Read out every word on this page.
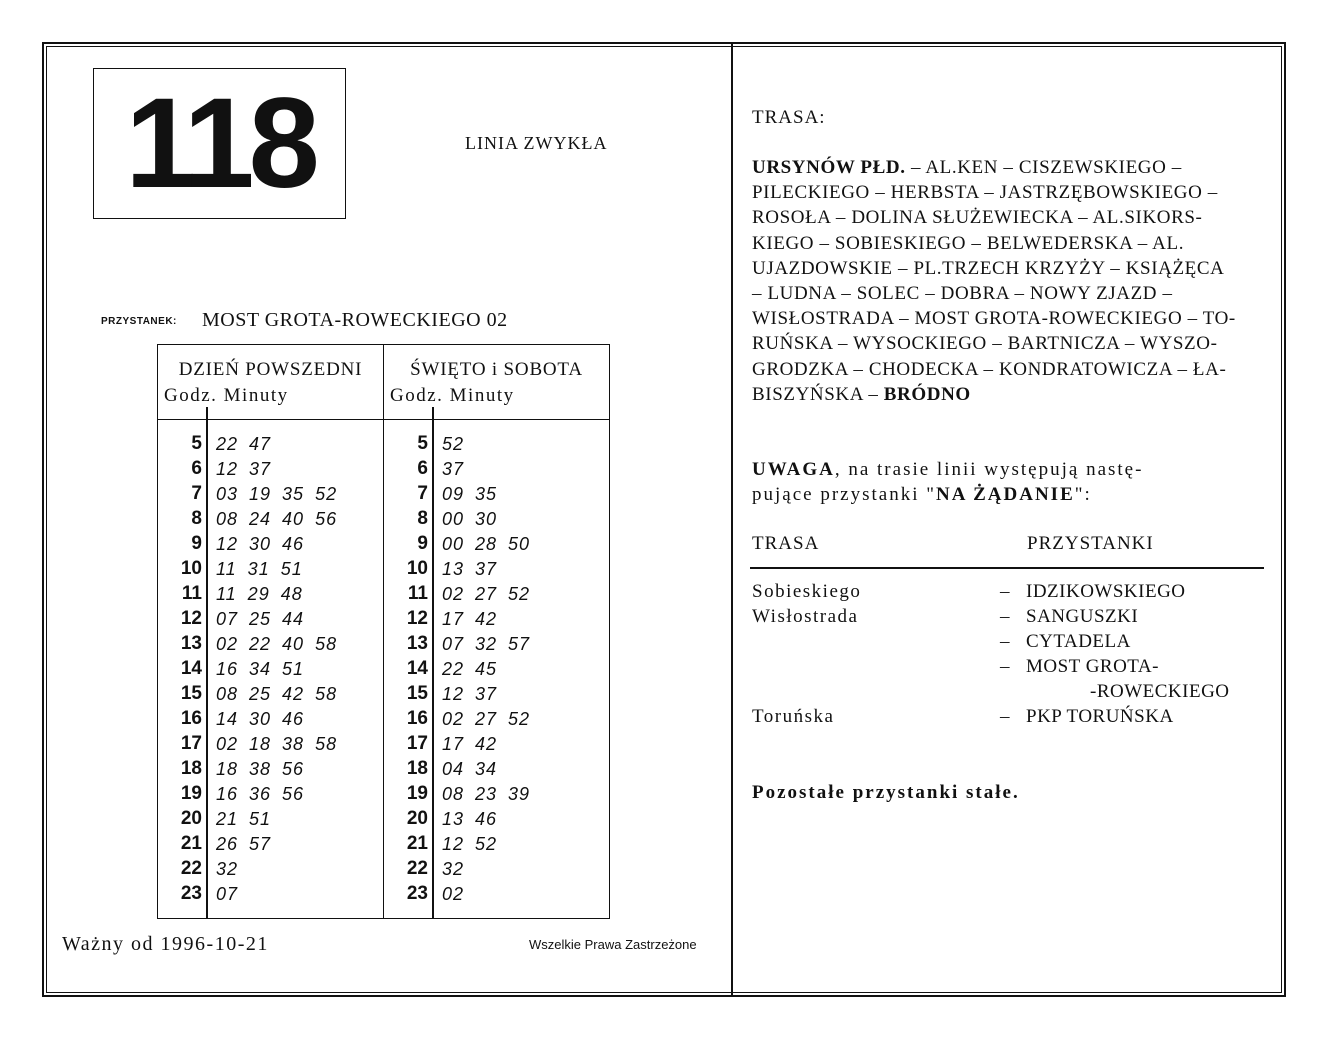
118	LINIA ZWYKŁA
PRZYSTANEK: MOST GROTA-ROWECKIEGO 02
DZIEŃ POWSZEDNI
Godz. Minuty
5 22 47
6 12 37
7 03 19 35 52
8 08 24 40 56
9 12 30 46
10 11 31 51
11 11 29 48
12 07 25 44
13 02 22 40 58
14 16 34 51
15 08 25 42 58
16 14 30 46
17 02 18 38 58
18 18 38 56
19 16 36 56
20 21 51
21 26 57
22 32
23 07
ŚWIĘTO i SOBOTA
Godz. Minuty
5 52
6 37
7 09 35
8 00 30
9 00 28 50
10 13 37
11 02 27 52
12 17 42
13 07 32 57
14 22 45
15 12 37
16 02 27 52
17 17 42
18 04 34
19 08 23 39
20 13 46
21 12 52
22 32
23 02
Ważny od 1996-10-21	Wszelkie Prawa Zastrzeżone
TRASA:
URSYNÓW PŁD. – AL.KEN – CISZEWSKIEGO –
PILECKIEGO – HERBSTA – JASTRZĘBOWSKIEGO –
ROSOŁA – DOLINA SŁUŻEWIECKA – AL.SIKORS-
KIEGO – SOBIESKIEGO – BELWEDERSKA – AL.
UJAZDOWSKIE – PL.TRZECH KRZYŻY – KSIĄŻĘCA
– LUDNA – SOLEC – DOBRA – NOWY ZJAZD –
WISŁOSTRADA – MOST GROTA-ROWECKIEGO – TO-
RUŃSKA – WYSOCKIEGO – BARTNICZA – WYSZO-
GRODZKA – CHODECKA – KONDRATOWICZA – ŁA-
BISZYŃSKA – BRÓDNO
UWAGA, na trasie linii występują nastę-
pujące przystanki "NA ŻĄDANIE":
TRASA	PRZYSTANKI
Sobieskiego	– IDZIKOWSKIEGO
Wisłostrada	– SANGUSZKI
– CYTADELA
– MOST GROTA-
-ROWECKIEGO
Toruńska	– PKP TORUŃSKA
Pozostałe przystanki stałe.
